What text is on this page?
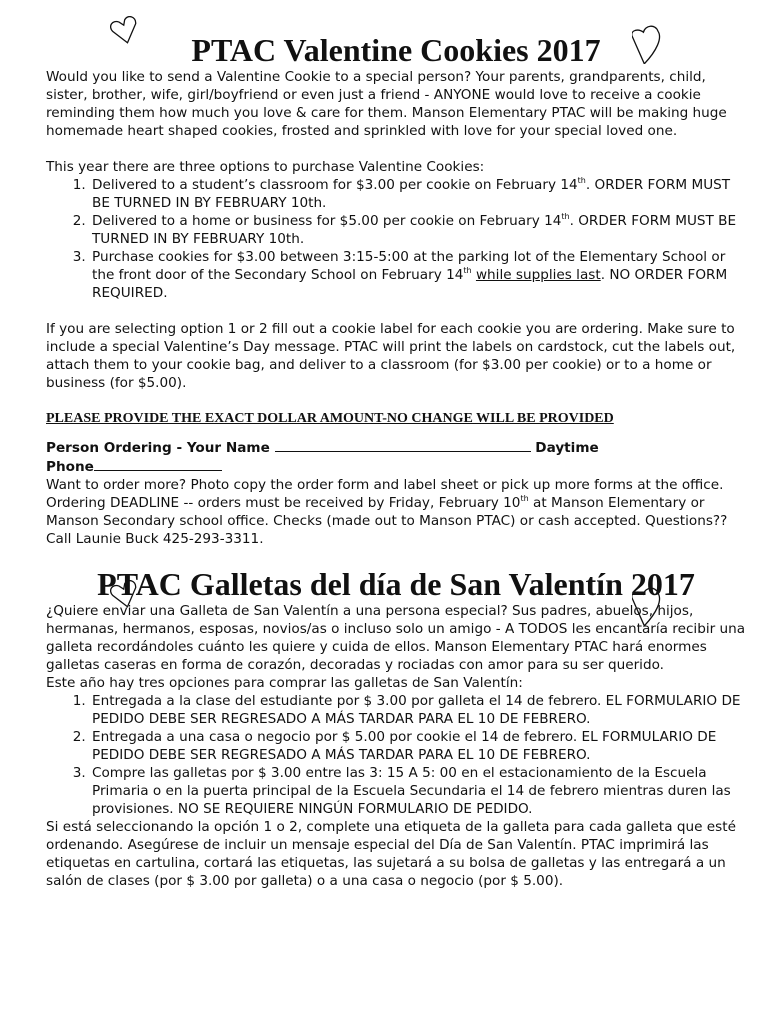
PTAC Valentine Cookies 2017

Would you like to send a Valentine Cookie to a special person? Your parents, grandparents, child, sister, brother, wife, girl/boyfriend or even just a friend - ANYONE would love to receive a cookie reminding them how much you love & care for them. Manson Elementary PTAC will be making huge homemade heart shaped cookies, frosted and sprinkled with love for your special loved one.

This year there are three options to purchase Valentine Cookies:

1. Delivered to a student’s classroom for $3.00 per cookie on February 14th. ORDER FORM MUST BE TURNED IN BY FEBRUARY 10th.
2. Delivered to a home or business for $5.00 per cookie on February 14th. ORDER FORM MUST BE TURNED IN BY FEBRUARY 10th.
3. Purchase cookies for $3.00 between 3:15-5:00 at the parking lot of the Elementary School or the front door of the Secondary School on February 14th while supplies last. NO ORDER FORM REQUIRED.

If you are selecting option 1 or 2 fill out a cookie label for each cookie you are ordering. Make sure to include a special Valentine’s Day message. PTAC will print the labels on cardstock, cut the labels out, attach them to your cookie bag, and deliver to a classroom (for $3.00 per cookie) or to a home or business (for $5.00).

PLEASE PROVIDE THE EXACT DOLLAR AMOUNT-NO CHANGE WILL BE PROVIDED

Person Ordering - Your Name	Daytime
Phone

Want to order more? Photo copy the order form and label sheet or pick up more forms at the office. Ordering DEADLINE -- orders must be received by Friday, February 10th at Manson Elementary or Manson Secondary school office. Checks (made out to Manson PTAC) or cash accepted. Questions?? Call Launie Buck 425-293-3311.

PTAC Galletas del día de San Valentín 2017

¿Quiere enviar una Galleta de San Valentín a una persona especial? Sus padres, abuelos, hijos, hermanas, hermanos, esposas, novios/as o incluso solo un amigo - A TODOS les encantaría recibir una galleta recordándoles cuánto les quiere y cuida de ellos. Manson Elementary PTAC hará enormes galletas caseras en forma de corazón, decoradas y rociadas con amor para su ser querido.

Este año hay tres opciones para comprar las galletas de San Valentín:

1. Entregada a la clase del estudiante por $ 3.00 por galleta el 14 de febrero. EL FORMULARIO DE PEDIDO DEBE SER REGRESADO A MÁS TARDAR PARA EL 10 DE FEBRERO.
2. Entregada a una casa o negocio por $ 5.00 por cookie el 14 de febrero. EL FORMULARIO DE PEDIDO DEBE SER REGRESADO A MÁS TARDAR PARA EL 10 DE FEBRERO.
3. Compre las galletas por $ 3.00 entre las 3: 15 A 5: 00 en el estacionamiento de la Escuela Primaria o en la puerta principal de la Escuela Secundaria el 14 de febrero mientras duren las provisiones. NO SE REQUIERE NINGÚN FORMULARIO DE PEDIDO.

Si está seleccionando la opción 1 o 2, complete una etiqueta de la galleta para cada galleta que esté ordenando. Asegúrese de incluir un mensaje especial del Día de San Valentín. PTAC imprimirá las etiquetas en cartulina, cortará las etiquetas, las sujetará a su bolsa de galletas y las entregará a un salón de clases (por $ 3.00 por galleta) o a una casa o negocio (por $ 5.00).
